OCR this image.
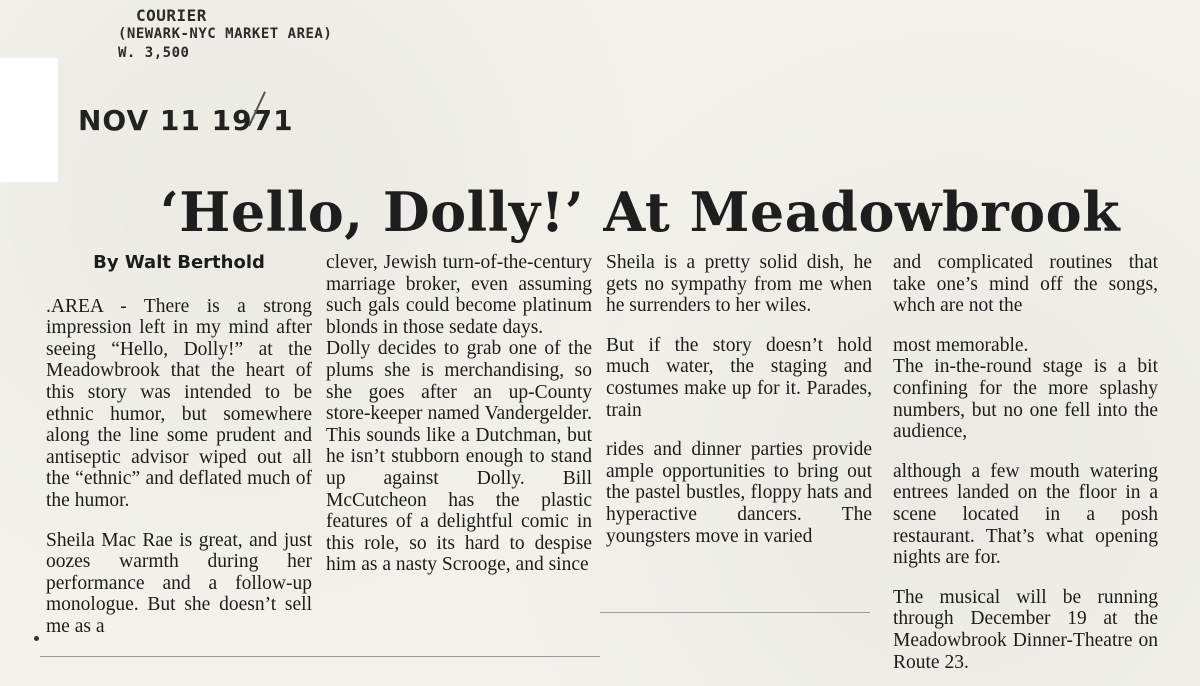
COURIER
(NEWARK-NYC MARKET AREA)
W. 3,500
NOV 11 1971
‘Hello, Dolly!’ At Meadowbrook

By Walt Berthold

.AREA - There is a strong impression left in my mind after seeing “Hello, Dolly!” at the Meadowbrook that the heart of this story was intended to be ethnic humor, but somewhere along the line some prudent and antiseptic advisor wiped out all the “ethnic” and deflated much of the humor.

Sheila Mac Rae is great, and just oozes warmth during her performance and a follow-up monologue. But she doesn’t sell me as a

clever, Jewish turn-of-the-century marriage broker, even assuming such gals could become platinum blonds in those sedate days.

Dolly decides to grab one of the plums she is merchandising, so she goes after an up-County store-keeper named Vandergelder. This sounds like a Dutchman, but he isn’t stubborn enough to stand up against Dolly. Bill McCutcheon has the plastic features of a delightful comic in this role, so its hard to despise him as a nasty Scrooge, and since

Sheila is a pretty solid dish, he gets no sympathy from me when he surrenders to her wiles.

But if the story doesn’t hold much water, the staging and costumes make up for it. Parades, train

rides and dinner parties provide ample opportunities to bring out the pastel bustles, floppy hats and hyperactive dancers. The youngsters move in varied

and complicated routines that take one’s mind off the songs, whch are not the

most memorable.

The in-the-round stage is a bit confining for the more splashy numbers, but no one fell into the audience,

although a few mouth watering entrees landed on the floor in a scene located in a posh restaurant. That’s what opening nights are for.

The musical will be running through December 19 at the Meadowbrook Dinner-Theatre on Route 23.
